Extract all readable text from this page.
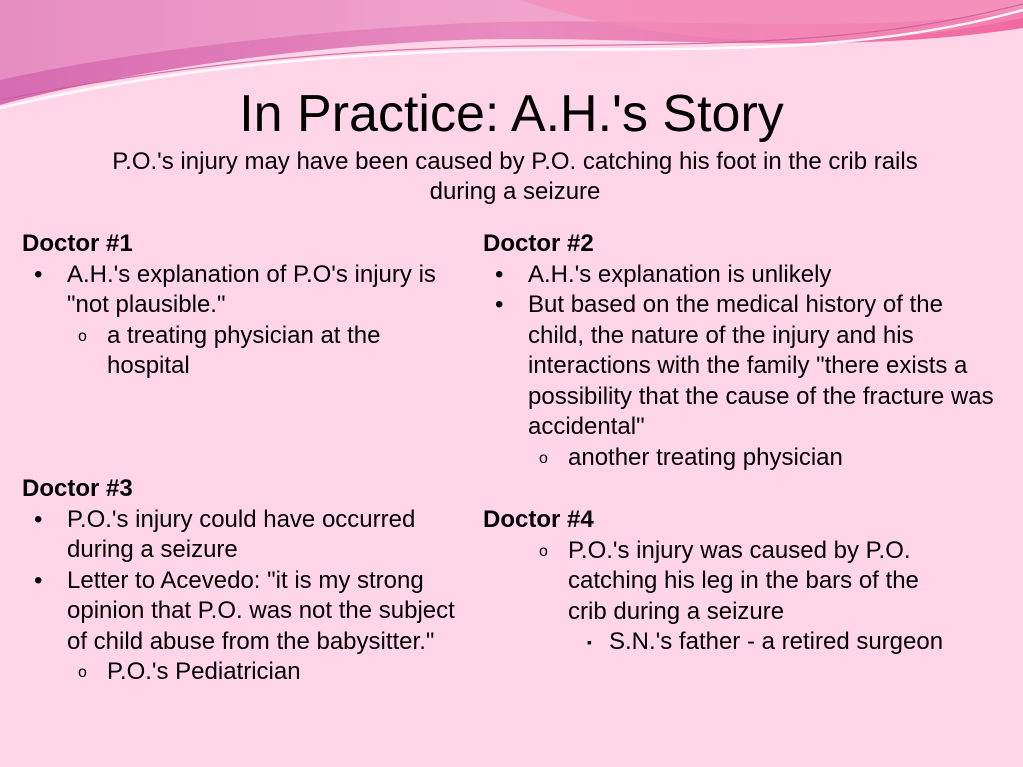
In Practice: A.H.'s Story

P.O.'s injury may have been caused by P.O. catching his foot in the crib rails during a seizure

Doctor #1

• A.H.'s explanation of P.O's injury is "not plausible."
o a treating physician at the hospital

Doctor #3

• P.O.'s injury could have occurred during a seizure
• Letter to Acevedo: "it is my strong opinion that P.O. was not the subject of child abuse from the babysitter."
o P.O.'s Pediatrician

Doctor #2

• A.H.'s explanation is unlikely
• But based on the medical history of the child, the nature of the injury and his interactions with the family "there exists a possibility that the cause of the fracture was accidental"
o another treating physician

Doctor #4

o P.O.'s injury was caused by P.O. catching his leg in the bars of the crib during a seizure
▪ S.N.'s father - a retired surgeon
